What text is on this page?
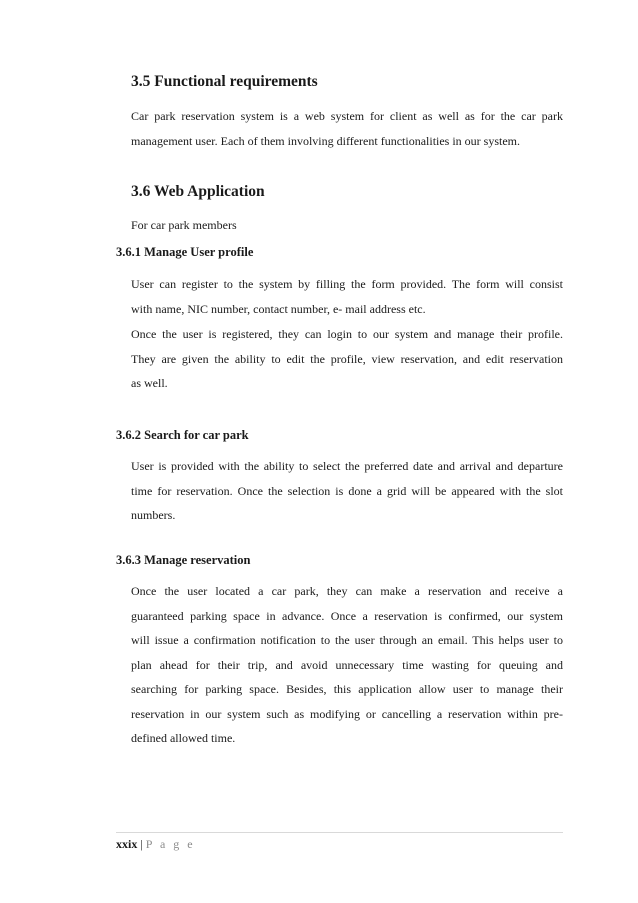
3.5 Functional requirements
Car park reservation system is a web system for client as well as for the car park
management user. Each of them involving different functionalities in our system.
3.6 Web Application
For car park members
3.6.1 Manage User profile
User can register to the system by filling the form provided. The form will consist
with name, NIC number, contact number, e- mail address etc.
Once the user is registered, they can login to our system and manage their profile.
They are given the ability to edit the profile, view reservation, and edit reservation
as well.
3.6.2 Search for car park
User is provided with the ability to select the preferred date and arrival and departure
time for reservation. Once the selection is done a grid will be appeared with the slot
numbers.
3.6.3 Manage reservation
Once the user located a car park, they can make a reservation and receive a
guaranteed parking space in advance. Once a reservation is confirmed, our system
will issue a confirmation notification to the user through an email. This helps user to
plan ahead for their trip, and avoid unnecessary time wasting for queuing and
searching for parking space. Besides, this application allow user to manage their
reservation in our system such as modifying or cancelling a reservation within pre-
defined allowed time.
xxix | P a g e
